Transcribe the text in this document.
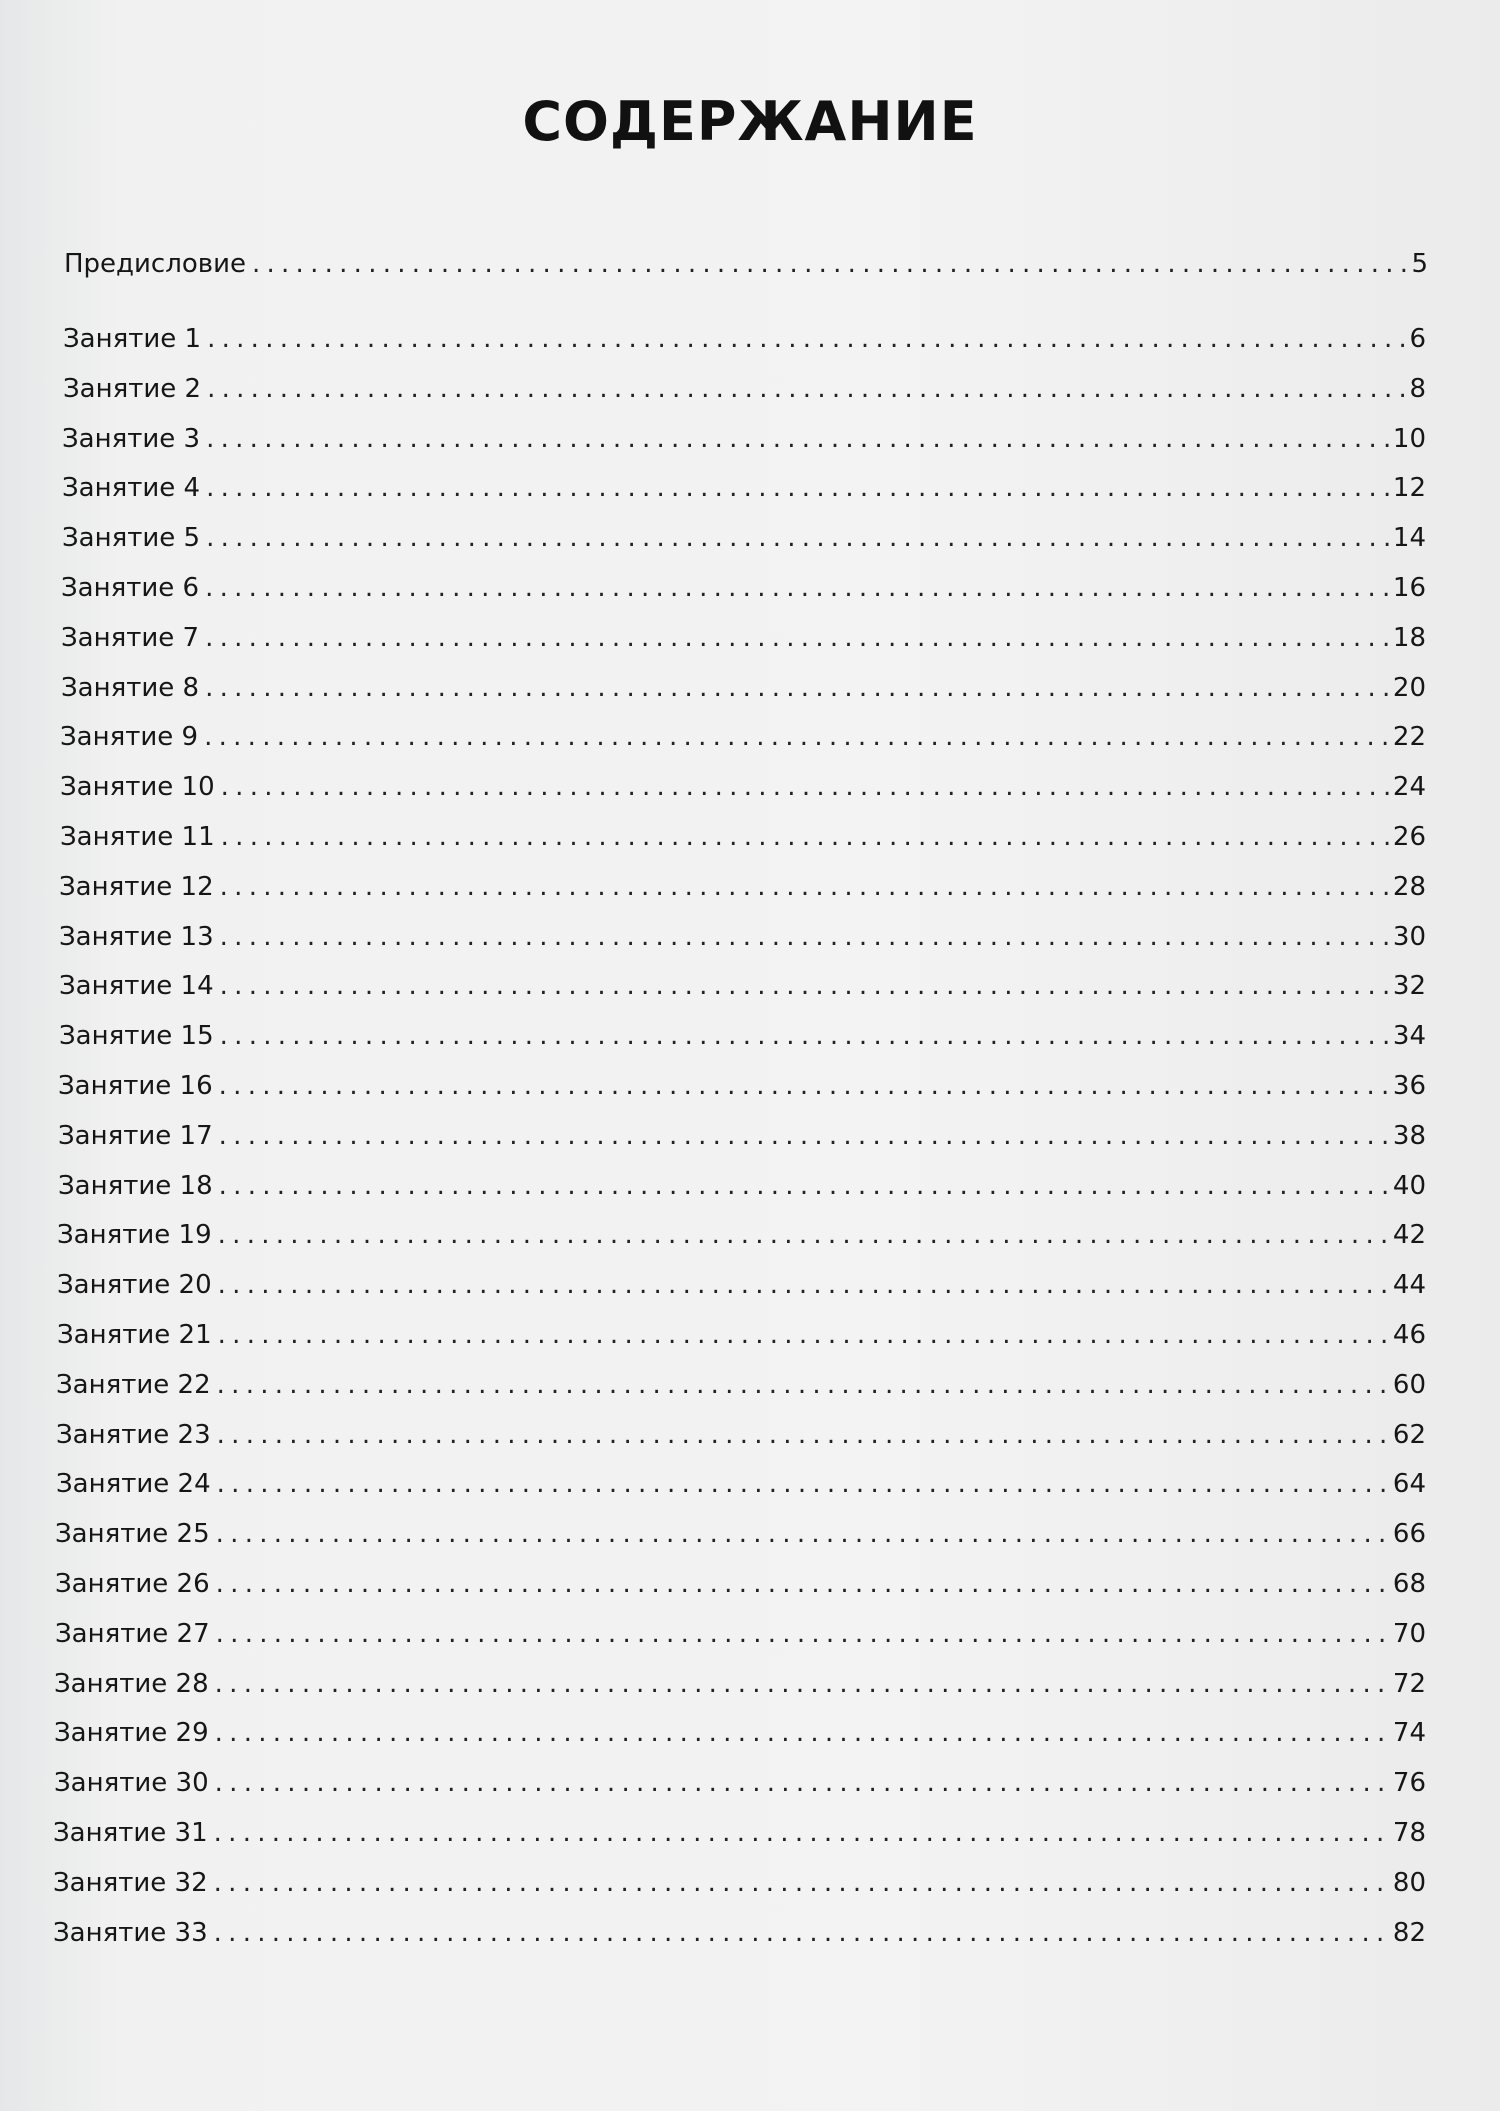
СОДЕРЖАНИЕ
Предисловие . . .	5
Занятие 1 . . .	6
Занятие 2 . . .	8
Занятие 3 . . .	10
Занятие 4 . . .	12
Занятие 5 . . .	14
Занятие 6 . . .	16
Занятие 7 . . .	18
Занятие 8 . . .	20
Занятие 9 . . .	22
Занятие 10 . . .	24
Занятие 11 . . .	26
Занятие 12 . . .	28
Занятие 13 . . .	30
Занятие 14 . . .	32
Занятие 15 . . .	34
Занятие 16 . . .	36
Занятие 17 . . .	38
Занятие 18 . . .	40
Занятие 19 . . .	42
Занятие 20 . . .	44
Занятие 21 . . .	46
Занятие 22 . . .	60
Занятие 23 . . .	62
Занятие 24 . . .	64
Занятие 25 . . .	66
Занятие 26 . . .	68
Занятие 27 . . .	70
Занятие 28 . . .	72
Занятие 29 . . .	74
Занятие 30 . . .	76
Занятие 31 . . .	78
Занятие 32 . . .	80
Занятие 33 . . .	82
